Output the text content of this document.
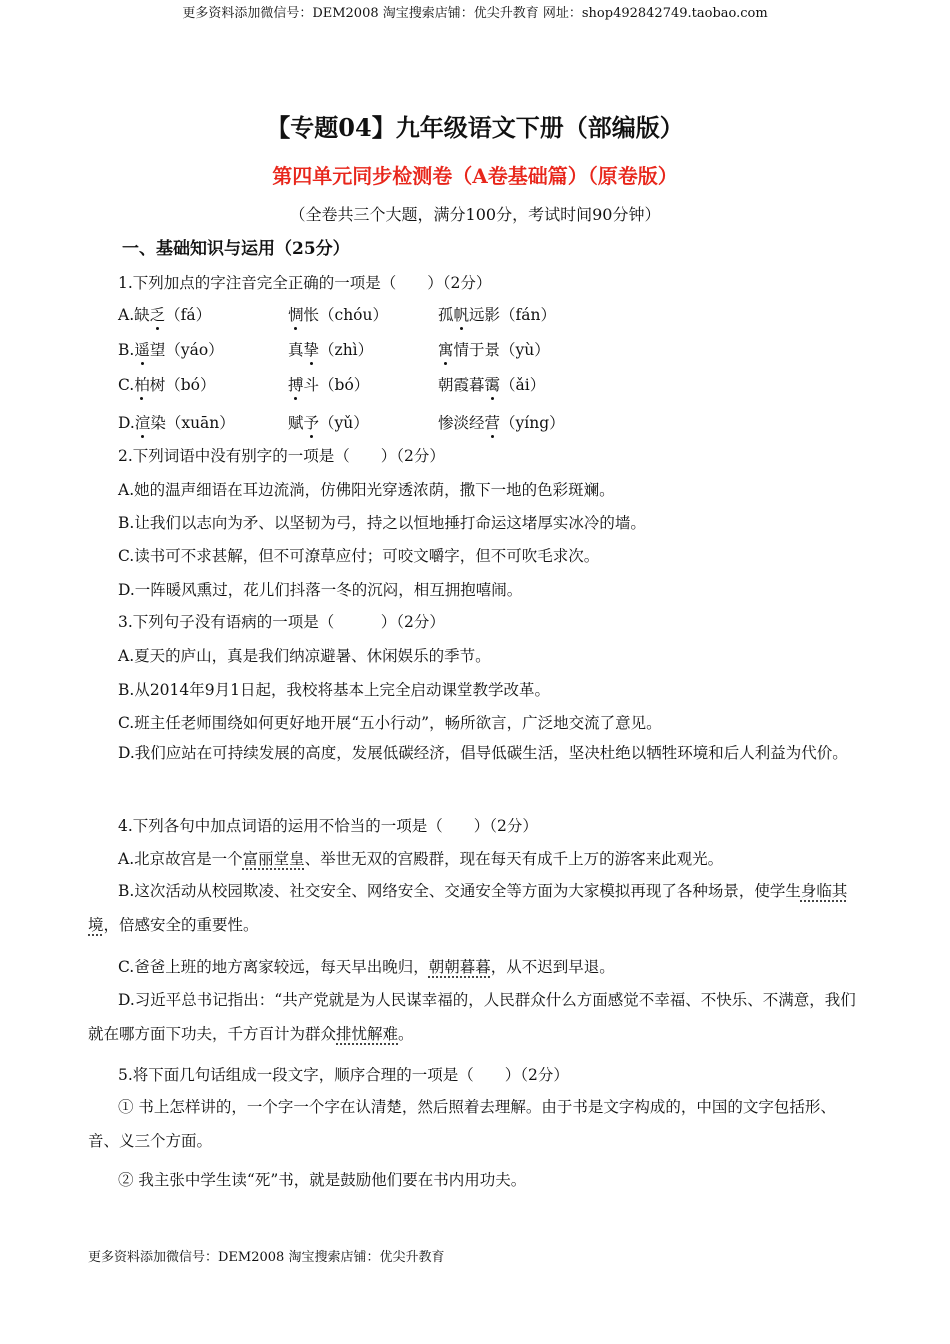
更多资料添加微信号：DEM2008 淘宝搜索店铺：优尖升教育 网址：shop492842749.taobao.com
【专题04】九年级语文下册（部编版）
第四单元同步检测卷（A卷基础篇）（原卷版）
（全卷共三个大题，满分100分，考试时间90分钟）
一、基础知识与运用（25分）
1.下列加点的字注音完全正确的一项是（　　）（2分）
A.缺乏（fá）	惆怅（chóu）	孤帆远影（fán）
B.遥望（yáo）	真挚（zhì）	寓情于景（yù）
C.柏树（bó）	搏斗（bó）	朝霞暮霭（ǎi）
D.渲染（xuān）	赋予（yǔ）	惨淡经营（yíng）
2.下列词语中没有别字的一项是（　　）（2分）
A.她的温声细语在耳边流淌，仿佛阳光穿透浓荫，撒下一地的色彩斑斓。
B.让我们以志向为矛、以坚韧为弓，持之以恒地捶打命运这堵厚实冰冷的墙。
C.读书可不求甚解，但不可潦草应付；可咬文嚼字，但不可吹毛求次。
D.一阵暖风熏过，花儿们抖落一冬的沉闷，相互拥抱嘻闹。
3.下列句子没有语病的一项是（　　　）（2分）
A.夏天的庐山，真是我们纳凉避暑、休闲娱乐的季节。
B.从2014年9月1日起，我校将基本上完全启动课堂教学改革。
C.班主任老师围绕如何更好地开展“五小行动”，畅所欲言，广泛地交流了意见。
D.我们应站在可持续发展的高度，发展低碳经济，倡导低碳生活，坚决杜绝以牺牲环境和后人利益为代价。
4.下列各句中加点词语的运用不恰当的一项是（　　）（2分）
A.北京故宫是一个富丽堂皇、举世无双的宫殿群，现在每天有成千上万的游客来此观光。
B.这次活动从校园欺凌、社交安全、网络安全、交通安全等方面为大家模拟再现了各种场景，使学生身临其境，倍感安全的重要性。
C.爸爸上班的地方离家较远，每天早出晚归，朝朝暮暮，从不迟到早退。
D.习近平总书记指出：“共产党就是为人民谋幸福的，人民群众什么方面感觉不幸福、不快乐、不满意，我们就在哪方面下功夫，千方百计为群众排忧解难。
5.将下面几句话组成一段文字，顺序合理的一项是（　　）（2分）
① 书上怎样讲的，一个字一个字在认清楚，然后照着去理解。由于书是文字构成的，中国的文字包括形、音、义三个方面。
② 我主张中学生读“死”书，就是鼓励他们要在书内用功夫。
更多资料添加微信号：DEM2008 淘宝搜索店铺：优尖升教育
